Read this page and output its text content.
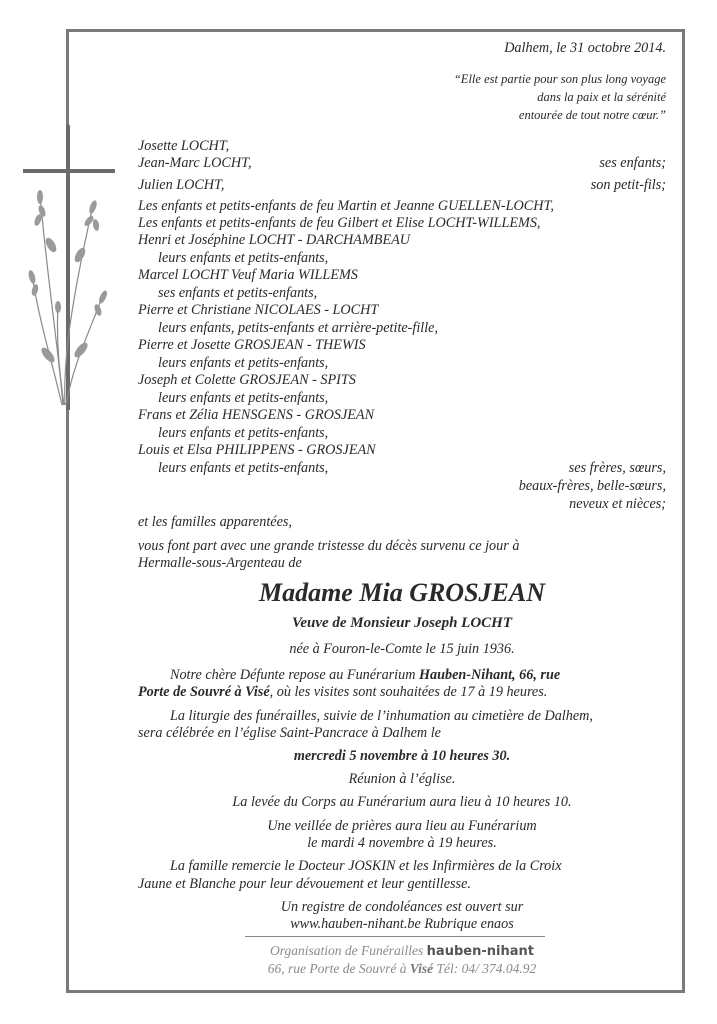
Dalhem, le 31 octobre 2014.
“Elle est partie pour son plus long voyage
dans la paix et la sérénité
entourée de tout notre cœur.”
Josette LOCHT,
Jean-Marc LOCHT,	ses enfants;
Julien LOCHT,	son petit-fils;
Les enfants et petits-enfants de feu Martin et Jeanne GUELLEN-LOCHT,
Les enfants et petits-enfants de feu Gilbert et Elise LOCHT-WILLEMS,
Henri et Joséphine LOCHT - DARCHAMBEAU
leurs enfants et petits-enfants,
Marcel LOCHT Veuf Maria WILLEMS
ses enfants et petits-enfants,
Pierre et Christiane NICOLAES - LOCHT
leurs enfants, petits-enfants et arrière-petite-fille,
Pierre et Josette GROSJEAN - THEWIS
leurs enfants et petits-enfants,
Joseph et Colette GROSJEAN - SPITS
leurs enfants et petits-enfants,
Frans et Zélia HENSGENS - GROSJEAN
leurs enfants et petits-enfants,
Louis et Elsa PHILIPPENS - GROSJEAN
leurs enfants et petits-enfants,	ses frères, sœurs,
beaux-frères, belle-sœurs,
neveux et nièces;
et les familles apparentées,
vous font part avec une grande tristesse du décès survenu ce jour à
Hermalle-sous-Argenteau de
Madame Mia GROSJEAN
Veuve de Monsieur Joseph LOCHT
née à Fouron-le-Comte le 15 juin 1936.
Notre chère Défunte repose au Funérarium Hauben-Nihant, 66, rue
Porte de Souvré à Visé, où les visites sont souhaitées de 17 à 19 heures.
La liturgie des funérailles, suivie de l’inhumation au cimetière de Dalhem,
sera célébrée en l’église Saint-Pancrace à Dalhem le
mercredi 5 novembre à 10 heures 30.
Réunion à l’église.
La levée du Corps au Funérarium aura lieu à 10 heures 10.
Une veillée de prières aura lieu au Funérarium
le mardi 4 novembre à 19 heures.
La famille remercie le Docteur JOSKIN et les Infirmières de la Croix
Jaune et Blanche pour leur dévouement et leur gentillesse.
Un registre de condoléances est ouvert sur
www.hauben-nihant.be Rubrique enaos
Organisation de Funérailles hauben-nihant
66, rue Porte de Souvré à Visé Tél: 04/ 374.04.92
